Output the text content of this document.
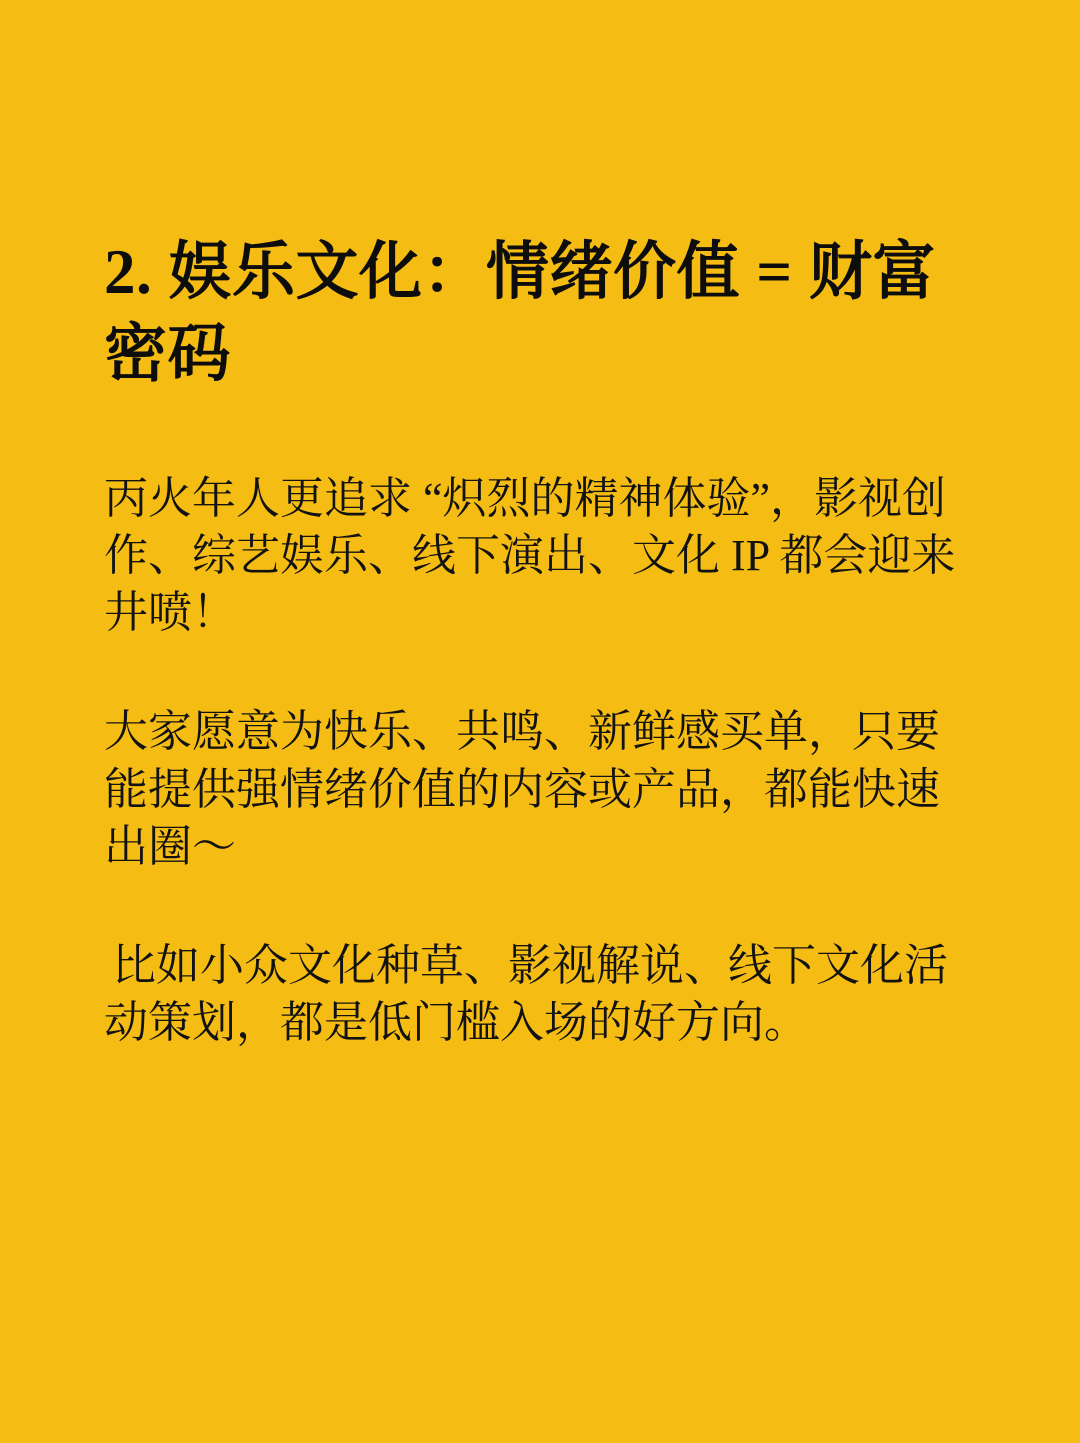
2. 娱乐文化：情绪价值 = 财富密码

丙火年人更追求 “炽烈的精神体验”，影视创作、综艺娱乐、线下演出、文化 IP 都会迎来井喷！

大家愿意为快乐、共鸣、新鲜感买单，只要能提供强情绪价值的内容或产品，都能快速出圈～

比如小众文化种草、影视解说、线下文化活动策划，都是低门槛入场的好方向。
